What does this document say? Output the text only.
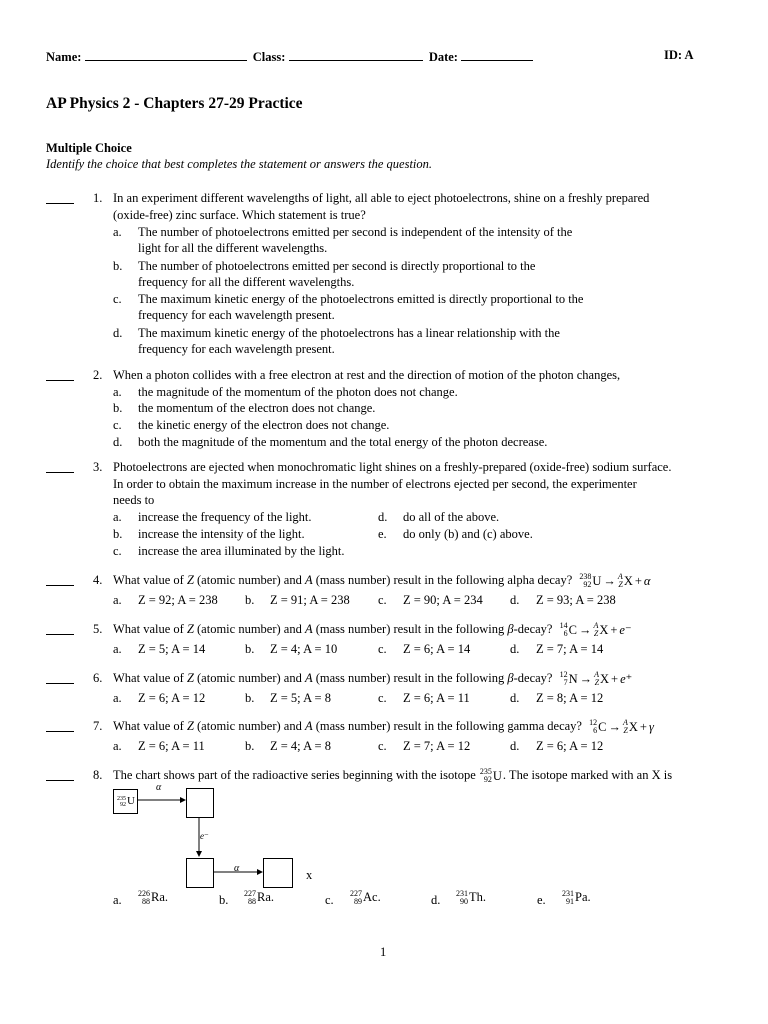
Name:	Class:	Date:	ID: A
AP Physics 2 - Chapters 27-29 Practice
Multiple Choice
Identify the choice that best completes the statement or answers the question.
1. In an experiment different wavelengths of light, all able to eject photoelectrons, shine on a freshly prepared
(oxide-free) zinc surface. Which statement is true?
a. The number of photoelectrons emitted per second is independent of the intensity of the
light for all the different wavelengths.
b. The number of photoelectrons emitted per second is directly proportional to the
frequency for all the different wavelengths.
c. The maximum kinetic energy of the photoelectrons emitted is directly proportional to the
frequency for each wavelength present.
d. The maximum kinetic energy of the photoelectrons has a linear relationship with the
frequency for each wavelength present.
2. When a photon collides with a free electron at rest and the direction of motion of the photon changes,
a. the magnitude of the momentum of the photon does not change.
b. the momentum of the electron does not change.
c. the kinetic energy of the electron does not change.
d. both the magnitude of the momentum and the total energy of the photon decrease.
3. Photoelectrons are ejected when monochromatic light shines on a freshly-prepared (oxide-free) sodium surface.
In order to obtain the maximum increase in the number of electrons ejected per second, the experimenter
needs to
a. increase the frequency of the light.
b. increase the intensity of the light.
c. increase the area illuminated by the light.
d. do all of the above.
e. do only (b) and (c) above.
4. What value of Z (atomic number) and A (mass number) result in the following alpha decay? 238
92 U → A
Z X + α
a. Z = 92; A = 238 b. Z = 91; A = 238 c. Z = 90; A = 234 d. Z = 93; A = 238
5. What value of Z (atomic number) and A (mass number) result in the following β-decay? 14
6 C → A
Z X + e⁻
a. Z = 5; A = 14	b. Z = 4; A = 10	c. Z = 6; A = 14	d. Z = 7; A = 14
6. What value of Z (atomic number) and A (mass number) result in the following β-decay? 12
7 N → A
Z X + e⁺
a. Z = 6; A = 12	b. Z = 5; A = 8	c. Z = 6; A = 11	d. Z = 8; A = 12
7. What value of Z (atomic number) and A (mass number) result in the following gamma decay? 12
6 C → A
Z X + γ
a. Z = 6; A = 11	b. Z = 4; A = 8	c. Z = 7; A = 12	d. Z = 6; A = 12
8. The chart shows part of the radioactive series beginning with the isotope 235
92 U . The isotope marked with an X is
235
92 U
α
e⁻
α	x
a. 226
88 Ra.	b. 227
88 Ra.	c. 227
89 Ac.	d. 231
90 Th.	e. 231
91 Pa.
1
